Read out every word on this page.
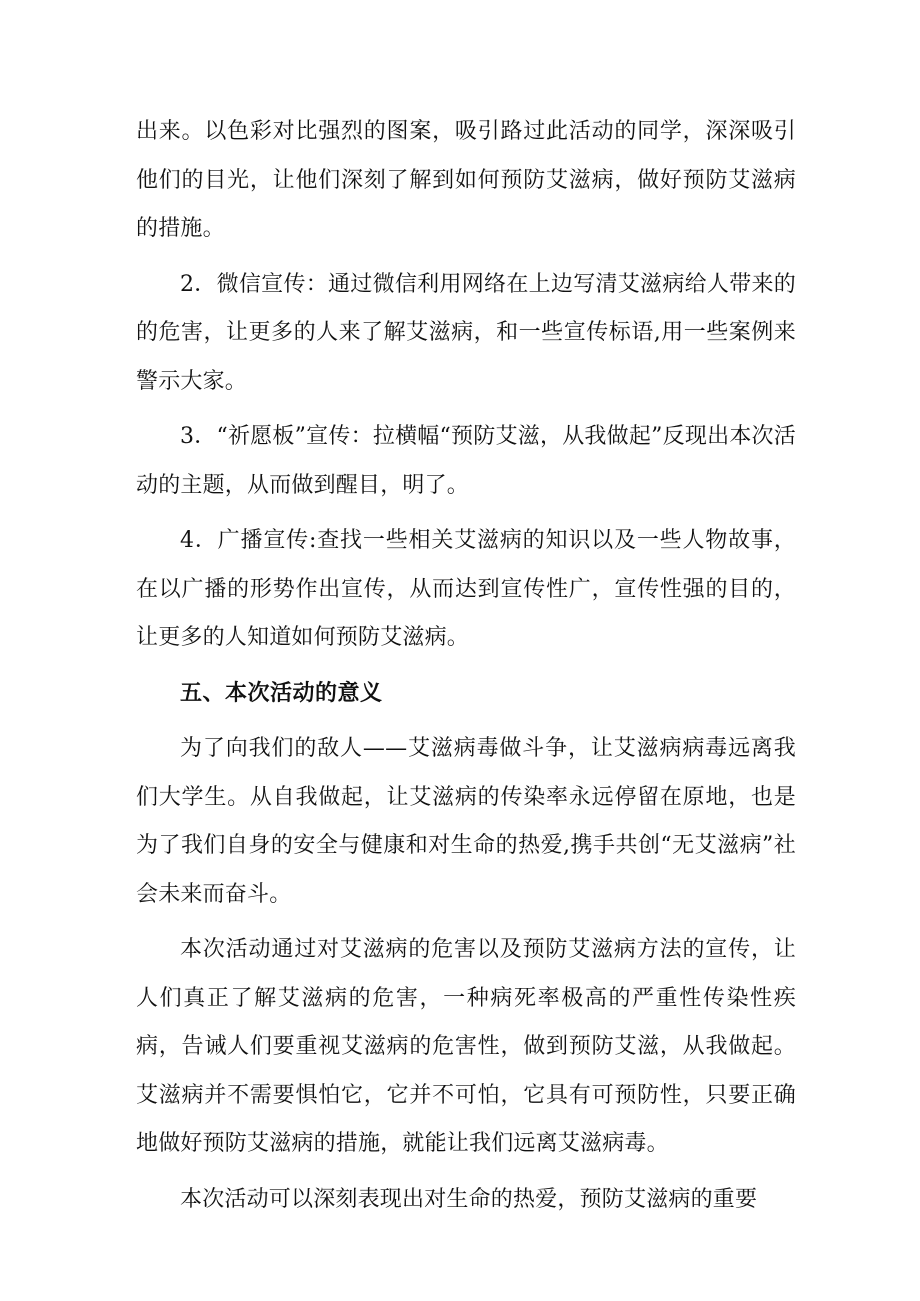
出来。以色彩对比强烈的图案，吸引路过此活动的同学，深深吸引他们的目光，让他们深刻了解到如何预防艾滋病，做好预防艾滋病的措施。

2．微信宣传：通过微信利用网络在上边写清艾滋病给人带来的的危害，让更多的人来了解艾滋病，和一些宣传标语,用一些案例来警示大家。

3．“祈愿板”宣传：拉横幅“预防艾滋，从我做起”反现出本次活动的主题，从而做到醒目，明了。

4．广播宣传:查找一些相关艾滋病的知识以及一些人物故事，在以广播的形势作出宣传，从而达到宣传性广，宣传性强的目的，让更多的人知道如何预防艾滋病。

五、本次活动的意义

为了向我们的敌人——艾滋病毒做斗争，让艾滋病病毒远离我们大学生。从自我做起，让艾滋病的传染率永远停留在原地，也是为了我们自身的安全与健康和对生命的热爱,携手共创“无艾滋病”社会未来而奋斗。

本次活动通过对艾滋病的危害以及预防艾滋病方法的宣传，让人们真正了解艾滋病的危害，一种病死率极高的严重性传染性疾病，告诫人们要重视艾滋病的危害性，做到预防艾滋，从我做起。艾滋病并不需要惧怕它，它并不可怕，它具有可预防性，只要正确地做好预防艾滋病的措施，就能让我们远离艾滋病毒。

本次活动可以深刻表现出对生命的热爱，预防艾滋病的重要
